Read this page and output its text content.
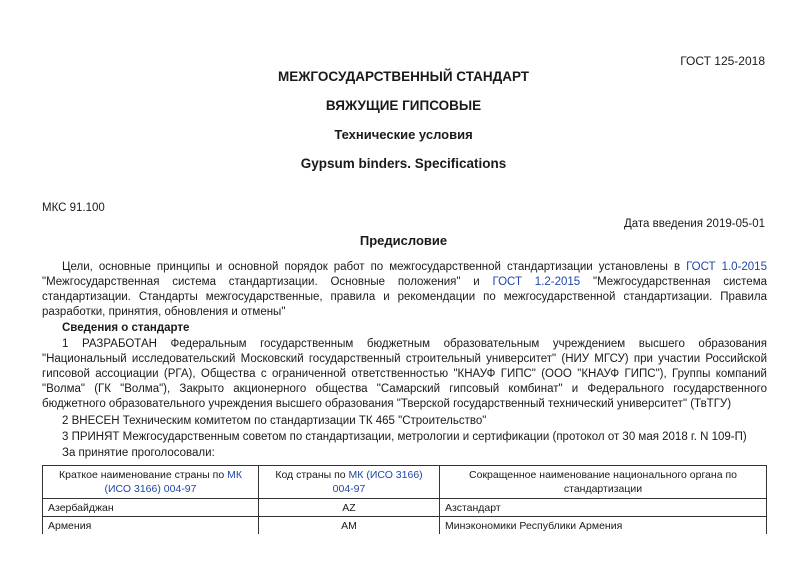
ГОСТ 125-2018
МЕЖГОСУДАРСТВЕННЫЙ СТАНДАРТ
ВЯЖУЩИЕ ГИПСОВЫЕ
Технические условия
Gypsum binders. Specifications
МКС 91.100
Дата введения 2019-05-01
Предисловие
Цели, основные принципы и основной порядок работ по межгосударственной стандартизации установлены в ГОСТ 1.0-2015 "Межгосударственная система стандартизации. Основные положения" и ГОСТ 1.2-2015 "Межгосударственная система стандартизации. Стандарты межгосударственные, правила и рекомендации по межгосударственной стандартизации. Правила разработки, принятия, обновления и отмены"
Сведения о стандарте
1 РАЗРАБОТАН Федеральным государственным бюджетным образовательным учреждением высшего образования "Национальный исследовательский Московский государственный строительный университет" (НИУ МГСУ) при участии Российской гипсовой ассоциации (РГА), Общества с ограниченной ответственностью "КНАУФ ГИПС" (ООО "КНАУФ ГИПС"), Группы компаний "Волма" (ГК "Волма"), Закрыто акционерного общества "Самарский гипсовый комбинат" и Федерального государственного бюджетного образовательного учреждения высшего образования "Тверской государственный технический университет" (ТвТГУ)
2 ВНЕСЕН Техническим комитетом по стандартизации ТК 465 "Строительство"
3 ПРИНЯТ Межгосударственным советом по стандартизации, метрологии и сертификации (протокол от 30 мая 2018 г. N 109-П)
За принятие проголосовали:
Краткое наименование страны по МК (ИСО 3166) 004-97	Код страны по МК (ИСО 3166) 004-97	Сокращенное наименование национального органа по стандартизации
Азербайджан	AZ	Азстандарт
Армения	AM	Минэкономики Республики Армения
